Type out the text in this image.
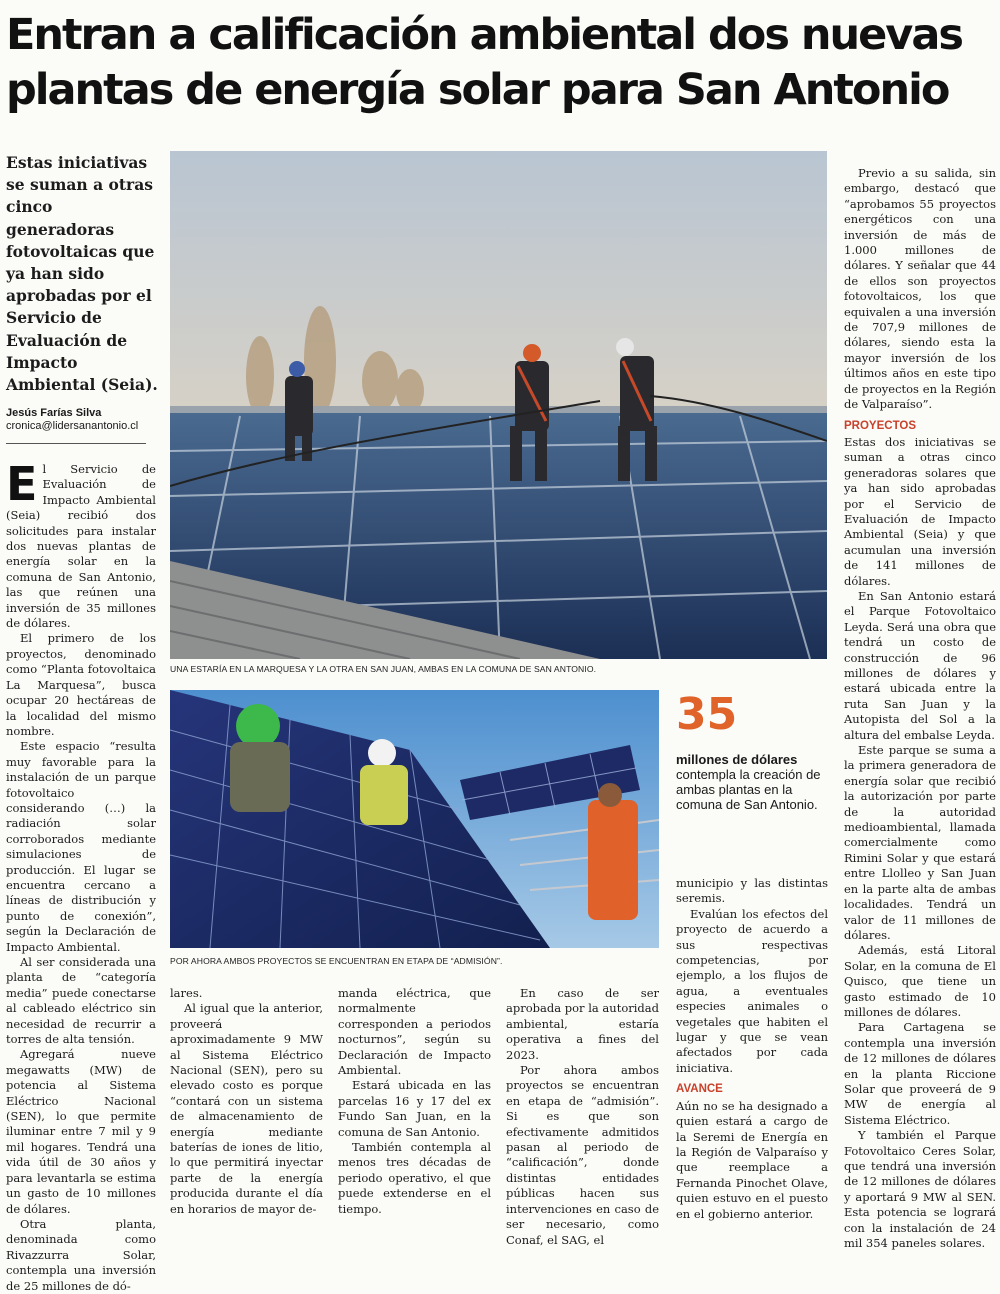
Entran a calificación ambiental dos nuevas
plantas de energía solar para San Antonio
Estas iniciativas
se suman a otras
cinco
generadoras
fotovoltaicas que
ya han sido
aprobadas por el
Servicio de
Evaluación de
Impacto
Ambiental (Seia).
Jesús Farías Silva
cronica@lidersanantonio.cl
UNA ESTARÍA EN LA MARQUESA Y LA OTRA EN SAN JUAN, AMBAS EN LA COMUNA DE SAN ANTONIO.
POR AHORA AMBOS PROYECTOS SE ENCUENTRAN EN ETAPA DE “ADMISIÓN”.
35
millones de dólares
contempla la creación de ambas plantas en la comuna de San Antonio.

El Servicio de Evaluación de Impacto Ambiental (Seia) recibió dos solicitudes para instalar dos nuevas plantas de energía solar en la comuna de San Antonio, las que reúnen una inversión de 35 millones de dólares.

El primero de los proyectos, denominado como “Planta fotovoltaica La Marquesa”, busca ocupar 20 hectáreas de la localidad del mismo nombre.

Este espacio “resulta muy favorable para la instalación de un parque fotovoltaico considerando (…) la radiación solar corroborados mediante simulaciones de producción. El lugar se encuentra cercano a líneas de distribución y punto de conexión”, según la Declaración de Impacto Ambiental.

Al ser considerada una planta de “categoría media” puede conectarse al cableado eléctrico sin necesidad de recurrir a torres de alta tensión.

Agregará nueve megawatts (MW) de potencia al Sistema Eléctrico Nacional (SEN), lo que permite iluminar entre 7 mil y 9 mil hogares. Tendrá una vida útil de 30 años y para levantarla se estima un gasto de 10 millones de dólares.

Otra planta, denominada como Rivazzurra Solar, contempla una inversión de 25 millones de dó-

lares.

Al igual que la anterior, proveerá aproximadamente 9 MW al Sistema Eléctrico Nacional (SEN), pero su elevado costo es porque “contará con un sistema de almacenamiento de energía mediante baterías de iones de litio, lo que permitirá inyectar parte de la energía producida durante el día en horarios de mayor de-

manda eléctrica, que normalmente corresponden a periodos nocturnos”, según su Declaración de Impacto Ambiental.

Estará ubicada en las parcelas 16 y 17 del ex Fundo San Juan, en la comuna de San Antonio.

También contempla al menos tres décadas de periodo operativo, el que puede extenderse en el tiempo.

En caso de ser aprobada por la autoridad ambiental, estaría operativa a fines del 2023.

Por ahora ambos proyectos se encuentran en etapa de “admisión”. Si es que son efectivamente admitidos pasan al periodo de “calificación”, donde distintas entidades públicas hacen sus intervenciones en caso de ser necesario, como Conaf, el SAG, el

municipio y las distintas seremis.

Evalúan los efectos del proyecto de acuerdo a sus respectivas competencias, por ejemplo, a los flujos de agua, a eventuales especies animales o vegetales que habiten el lugar y que se vean afectados por cada iniciativa.

AVANCE

Aún no se ha designado a quien estará a cargo de la Seremi de Energía en la Región de Valparaíso y que reemplace a Fernanda Pinochet Olave, quien estuvo en el puesto en el gobierno anterior.

Previo a su salida, sin embargo, destacó que “aprobamos 55 proyectos energéticos con una inversión de más de 1.000 millones de dólares. Y señalar que 44 de ellos son proyectos fotovoltaicos, los que equivalen a una inversión de 707,9 millones de dólares, siendo esta la mayor inversión de los últimos años en este tipo de proyectos en la Región de Valparaíso”.

PROYECTOS

Estas dos iniciativas se suman a otras cinco generadoras solares que ya han sido aprobadas por el Servicio de Evaluación de Impacto Ambiental (Seia) y que acumulan una inversión de 141 millones de dólares.

En San Antonio estará el Parque Fotovoltaico Leyda. Será una obra que tendrá un costo de construcción de 96 millones de dólares y estará ubicada entre la ruta San Juan y la Autopista del Sol a la altura del embalse Leyda.

Este parque se suma a la primera generadora de energía solar que recibió la autorización por parte de la autoridad medioambiental, llamada comercialmente como Rimini Solar y que estará entre Llolleo y San Juan en la parte alta de ambas localidades. Tendrá un valor de 11 millones de dólares.

Además, está Litoral Solar, en la comuna de El Quisco, que tiene un gasto estimado de 10 millones de dólares.

Para Cartagena se contempla una inversión de 12 millones de dólares en la planta Riccione Solar que proveerá de 9 MW de energía al Sistema Eléctrico.

Y también el Parque Fotovoltaico Ceres Solar, que tendrá una inversión de 12 millones de dólares y aportará 9 MW al SEN. Esta potencia se logrará con la instalación de 24 mil 354 paneles solares.
